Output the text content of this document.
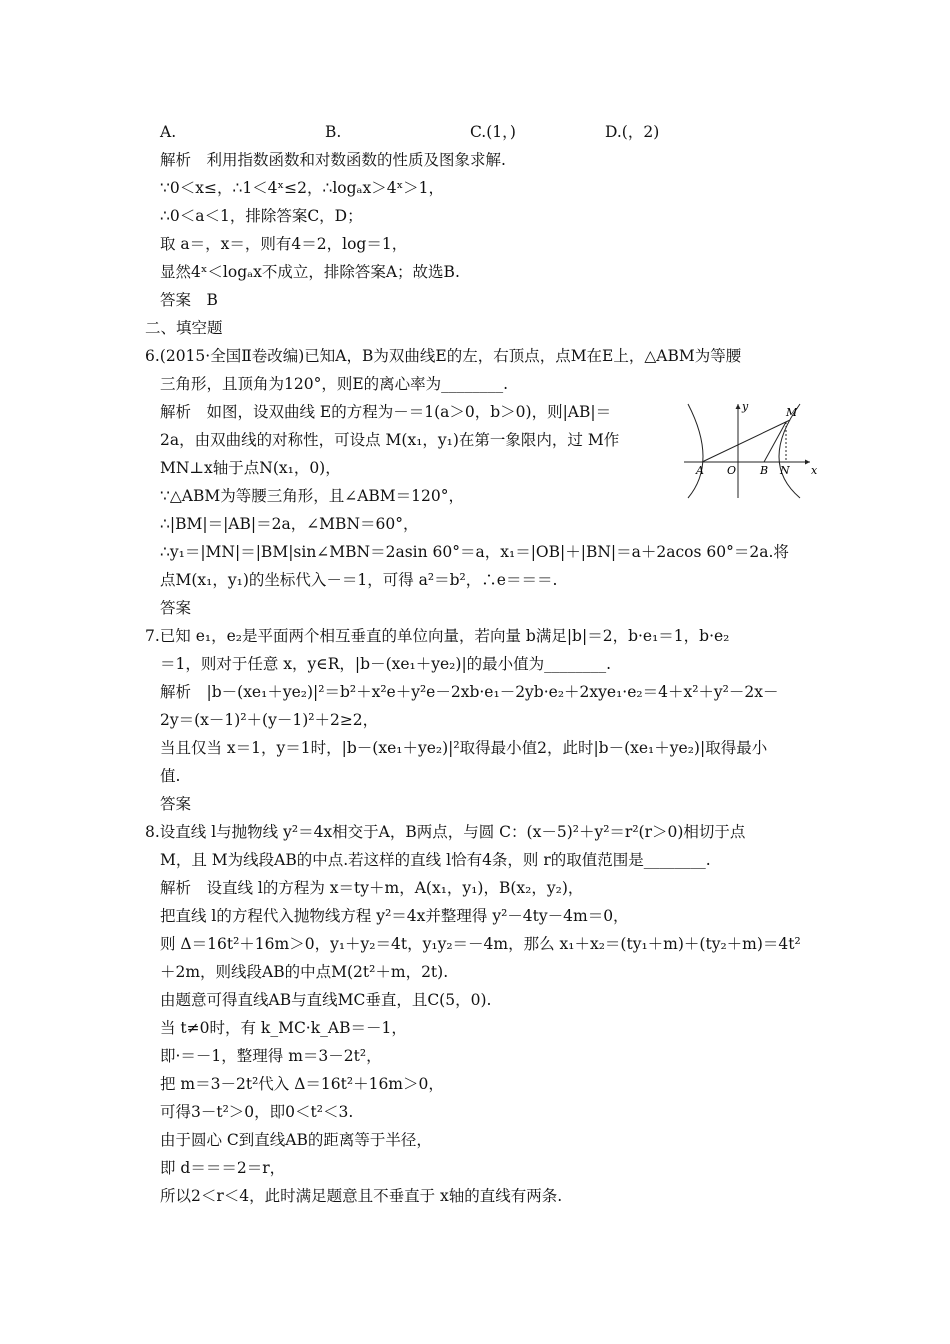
A.	B.	C.(1，)	D.(，2)
解析　利用指数函数和对数函数的性质及图象求解.
∵0＜x≤，∴1＜4ˣ≤2，∴logₐx＞4ˣ＞1，
∴0＜a＜1，排除答案C，D；
取 a＝，x＝，则有4＝2，log＝1，
显然4ˣ＜logₐx不成立，排除答案A；故选B.
答案　B
二、填空题
6.(2015·全国Ⅱ卷改编)已知A，B为双曲线E的左，右顶点，点M在E上，△ABM为等腰
三角形，且顶角为120°，则E的离心率为________.
解析　如图，设双曲线 E的方程为－＝1(a＞0，b＞0)，则|AB|＝
2a，由双曲线的对称性，可设点 M(x₁，y₁)在第一象限内，过 M作
MN⊥x轴于点N(x₁，0)，
∵△ABM为等腰三角形，且∠ABM＝120°，
∴|BM|＝|AB|＝2a，∠MBN＝60°，
∴y₁＝|MN|＝|BM|sin∠MBN＝2asin 60°＝a，x₁＝|OB|＋|BN|＝a＋2acos 60°＝2a.将
点M(x₁，y₁)的坐标代入－＝1，可得 a²＝b²，∴e＝＝＝.
答案
y
x
M
A O B N
7.已知 e₁，e₂是平面两个相互垂直的单位向量，若向量 b满足|b|＝2，b·e₁＝1，b·e₂
＝1，则对于任意 x，y∈R，|b－(xe₁＋ye₂)|的最小值为________.
解析　|b－(xe₁＋ye₂)|²＝b²＋x²e＋y²e－2xb·e₁－2yb·e₂＋2xye₁·e₂＝4＋x²＋y²－2x－
2y＝(x－1)²＋(y－1)²＋2≥2，
当且仅当 x＝1，y＝1时，|b－(xe₁＋ye₂)|²取得最小值2，此时|b－(xe₁＋ye₂)|取得最小
值.
答案
8.设直线 l与抛物线 y²＝4x相交于A，B两点，与圆 C：(x－5)²＋y²＝r²(r＞0)相切于点
M，且 M为线段AB的中点.若这样的直线 l恰有4条，则 r的取值范围是________.
解析　设直线 l的方程为 x＝ty＋m，A(x₁，y₁)，B(x₂，y₂)，
把直线 l的方程代入抛物线方程 y²＝4x并整理得 y²－4ty－4m＝0，
则 Δ＝16t²＋16m＞0，y₁＋y₂＝4t，y₁y₂＝－4m，那么 x₁＋x₂＝(ty₁＋m)＋(ty₂＋m)＝4t²
＋2m，则线段AB的中点M(2t²＋m，2t).
由题意可得直线AB与直线MC垂直，且C(5，0).
当 t≠0时，有 k_MC·k_AB＝－1，
即·＝－1，整理得 m＝3－2t²，
把 m＝3－2t²代入 Δ＝16t²＋16m＞0，
可得3－t²＞0，即0＜t²＜3.
由于圆心 C到直线AB的距离等于半径，
即 d＝＝＝2＝r，
所以2＜r＜4，此时满足题意且不垂直于 x轴的直线有两条.
